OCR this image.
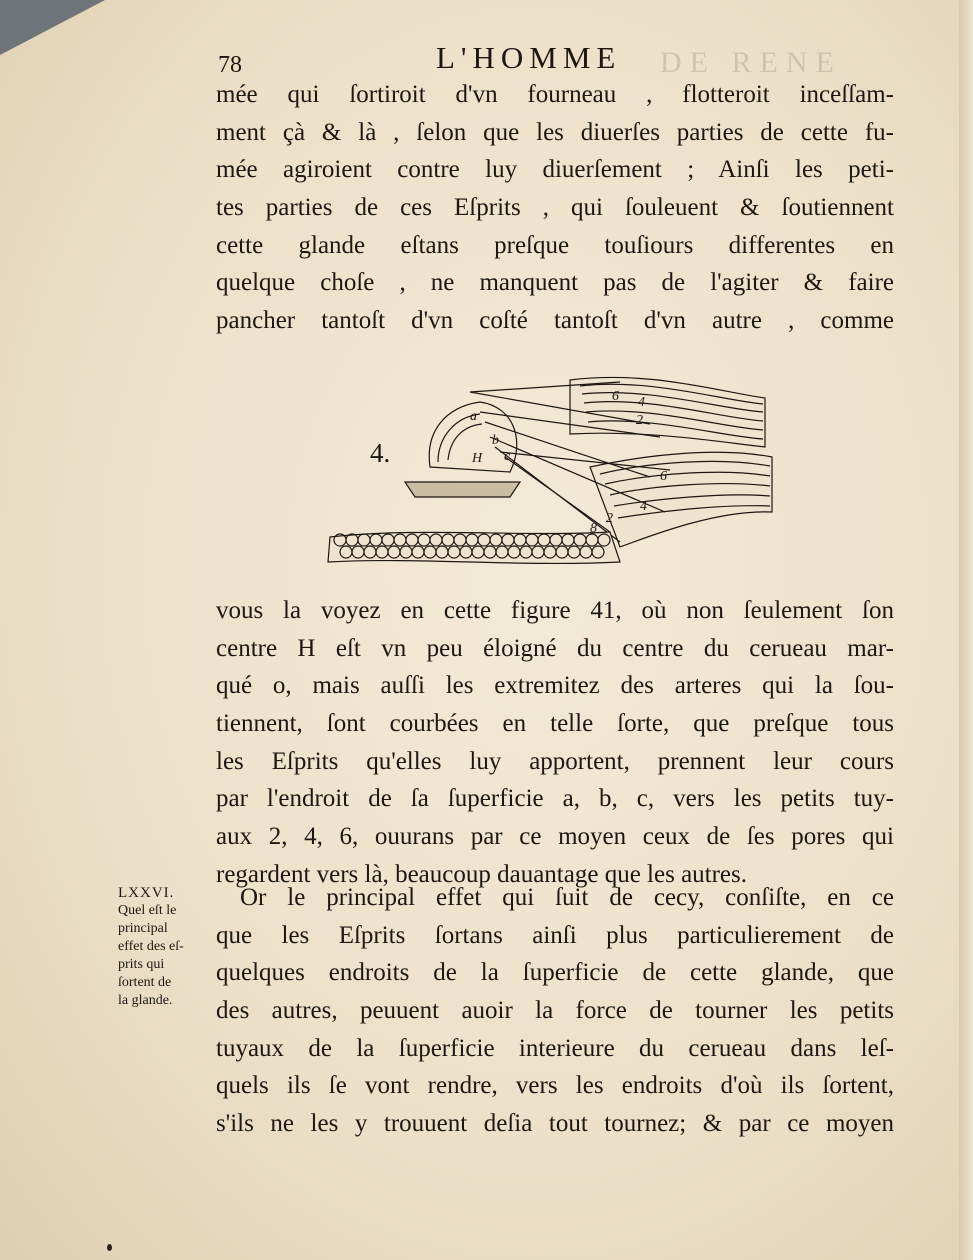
DE RENE
78	L'HOMME
mée qui ſortiroit d'vn fourneau , flotteroit inceſſam-
ment çà & là , ſelon que les diuerſes parties de cette fu-
mée agiroient contre luy diuerſement ; Ainſi les peti-
tes parties de ces Eſprits , qui ſouleuent & ſoutiennent
cette glande eſtans preſque touſiours differentes en
quelque choſe , ne manquent pas de l'agiter & faire
pancher tantoſt d'vn coſté tantoſt d'vn autre , comme
4.
a
b
c
H
2
4
6
8
2
4
6
vous la voyez en cette figure 41, où non ſeulement ſon
centre H eſt vn peu éloigné du centre du cerueau mar-
qué o, mais auſſi les extremitez des arteres qui la ſou-
tiennent, ſont courbées en telle ſorte, que preſque tous
les Eſprits qu'elles luy apportent, prennent leur cours
par l'endroit de ſa ſuperficie a, b, c, vers les petits tuy-
aux 2, 4, 6, ouurans par ce moyen ceux de ſes pores qui
regardent vers là, beaucoup dauantage que les autres.
LXXVI.
Quel eſt le
principal
effet des eſ-
prits qui
ſortent de
la glande.
Or le principal effet qui ſuit de cecy, conſiſte, en ce
que les Eſprits ſortans ainſi plus particulierement de
quelques endroits de la ſuperficie de cette glande, que
des autres, peuuent auoir la force de tourner les petits
tuyaux de la ſuperficie interieure du cerueau dans leſ-
quels ils ſe vont rendre, vers les endroits d'où ils ſortent,
s'ils ne les y trouuent deſia tout tournez; & par ce moyen
